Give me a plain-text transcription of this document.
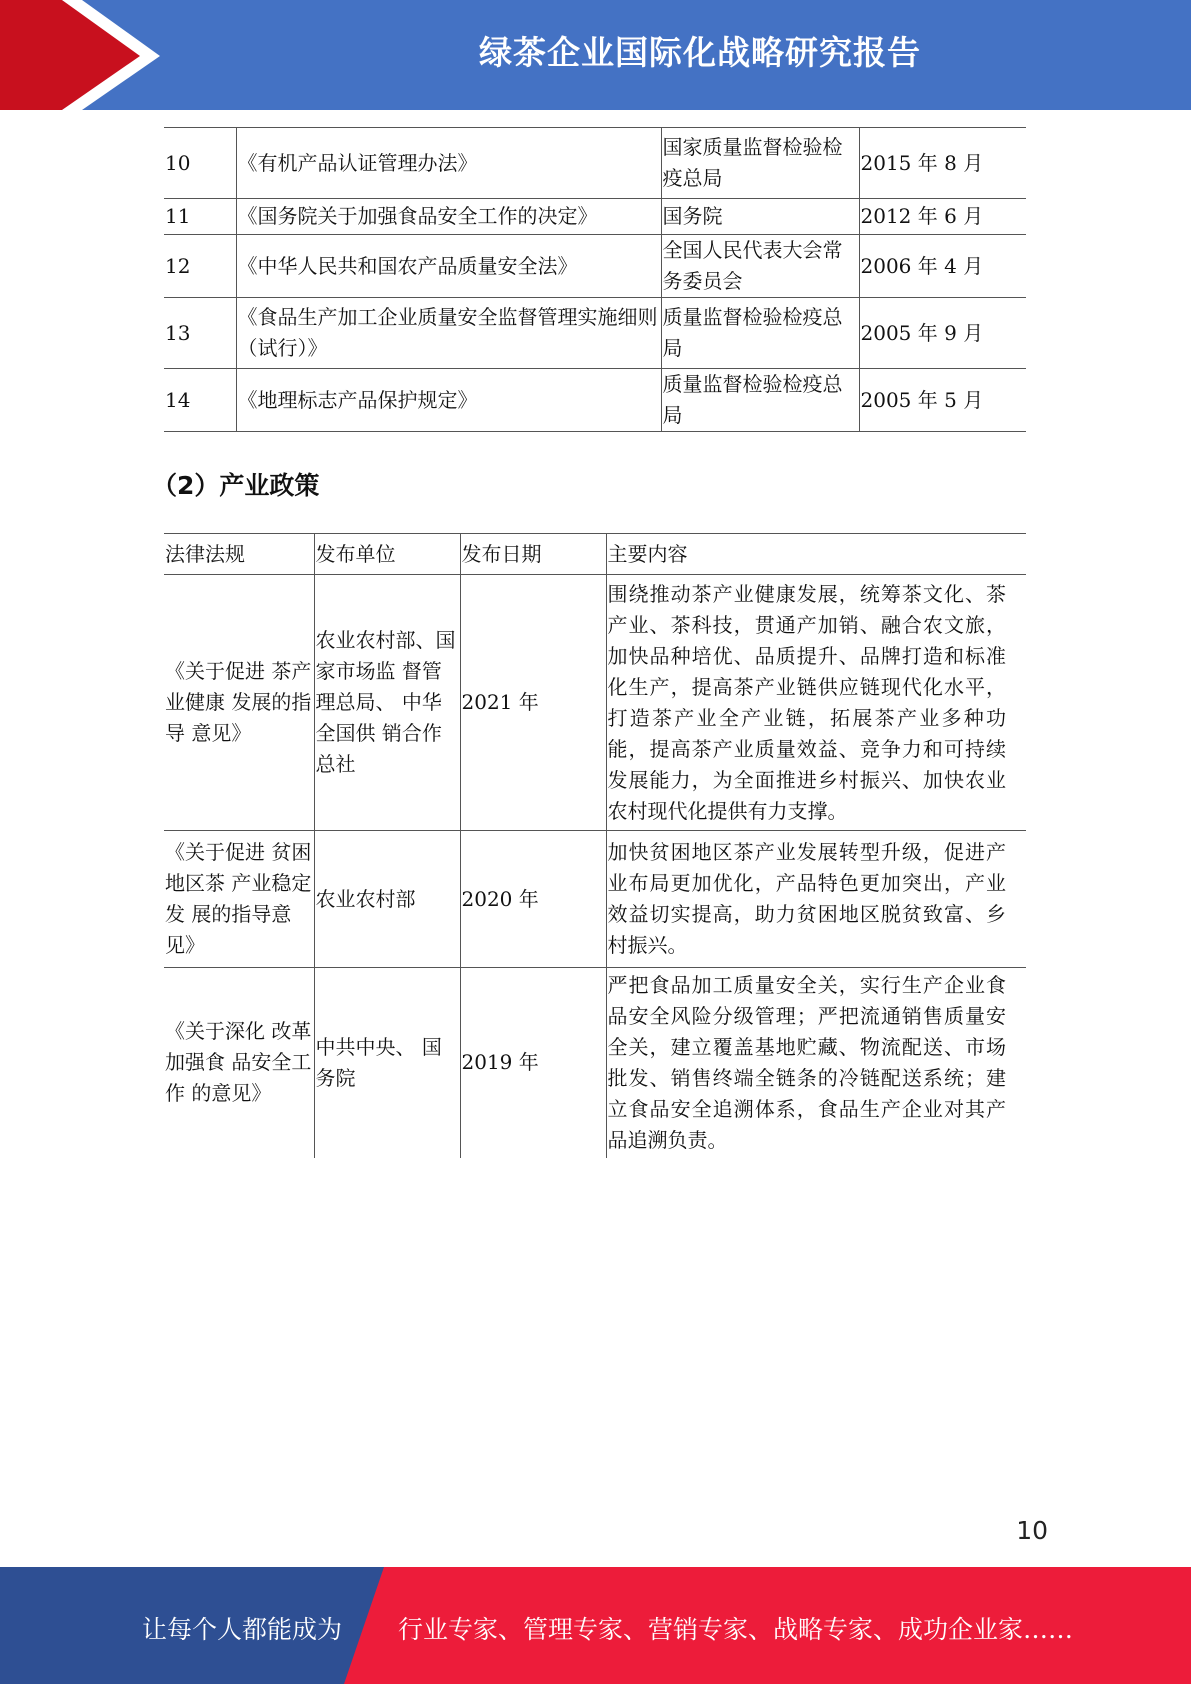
绿茶企业国际化战略研究报告
10	《有机产品认证管理办法》	国家质量监督检验检疫总局	2015 年 8 月
11	《国务院关于加强食品安全工作的决定》	国务院	2012 年 6 月
12	《中华人民共和国农产品质量安全法》	全国人民代表大会常务委员会	2006 年 4 月
13	《食品生产加工企业质量安全监督管理实施细则（试行）》	质量监督检验检疫总局	2005 年 9 月
14	《地理标志产品保护规定》	质量监督检验检疫总局	2005 年 5 月
（2）产业政策
法律法规	发布单位	发布日期	主要内容
《关于促进 茶产业健康 发展的指导 意见》	农业农村部、国家市场监 督管理总局、 中华全国供 销合作总社	2021 年	围绕推动茶产业健康发展，统筹茶文化、茶产业、茶科技，贯通产加销、融合农文旅，加快品种培优、品质提升、品牌打造和标准化生产，提高茶产业链供应链现代化水平，打造茶产业全产业链，拓展茶产业多种功能，提高茶产业质量效益、竞争力和可持续发展能力，为全面推进乡村振兴、加快农业农村现代化提供有力支撑。
《关于促进 贫困地区茶 产业稳定发 展的指导意 见》	农业农村部	2020 年	加快贫困地区茶产业发展转型升级，促进产业布局更加优化，产品特色更加突出，产业效益切实提高，助力贫困地区脱贫致富、乡村振兴。
《关于深化 改革加强食 品安全工作 的意见》	中共中央、 国务院	2019 年	严把食品加工质量安全关，实行生产企业食品安全风险分级管理；严把流通销售质量安全关，建立覆盖基地贮藏、物流配送、市场批发、销售终端全链条的冷链配送系统；建立食品安全追溯体系，食品生产企业对其产品追溯负责。
10
让每个人都能成为 行业专家、管理专家、营销专家、战略专家、成功企业家……
